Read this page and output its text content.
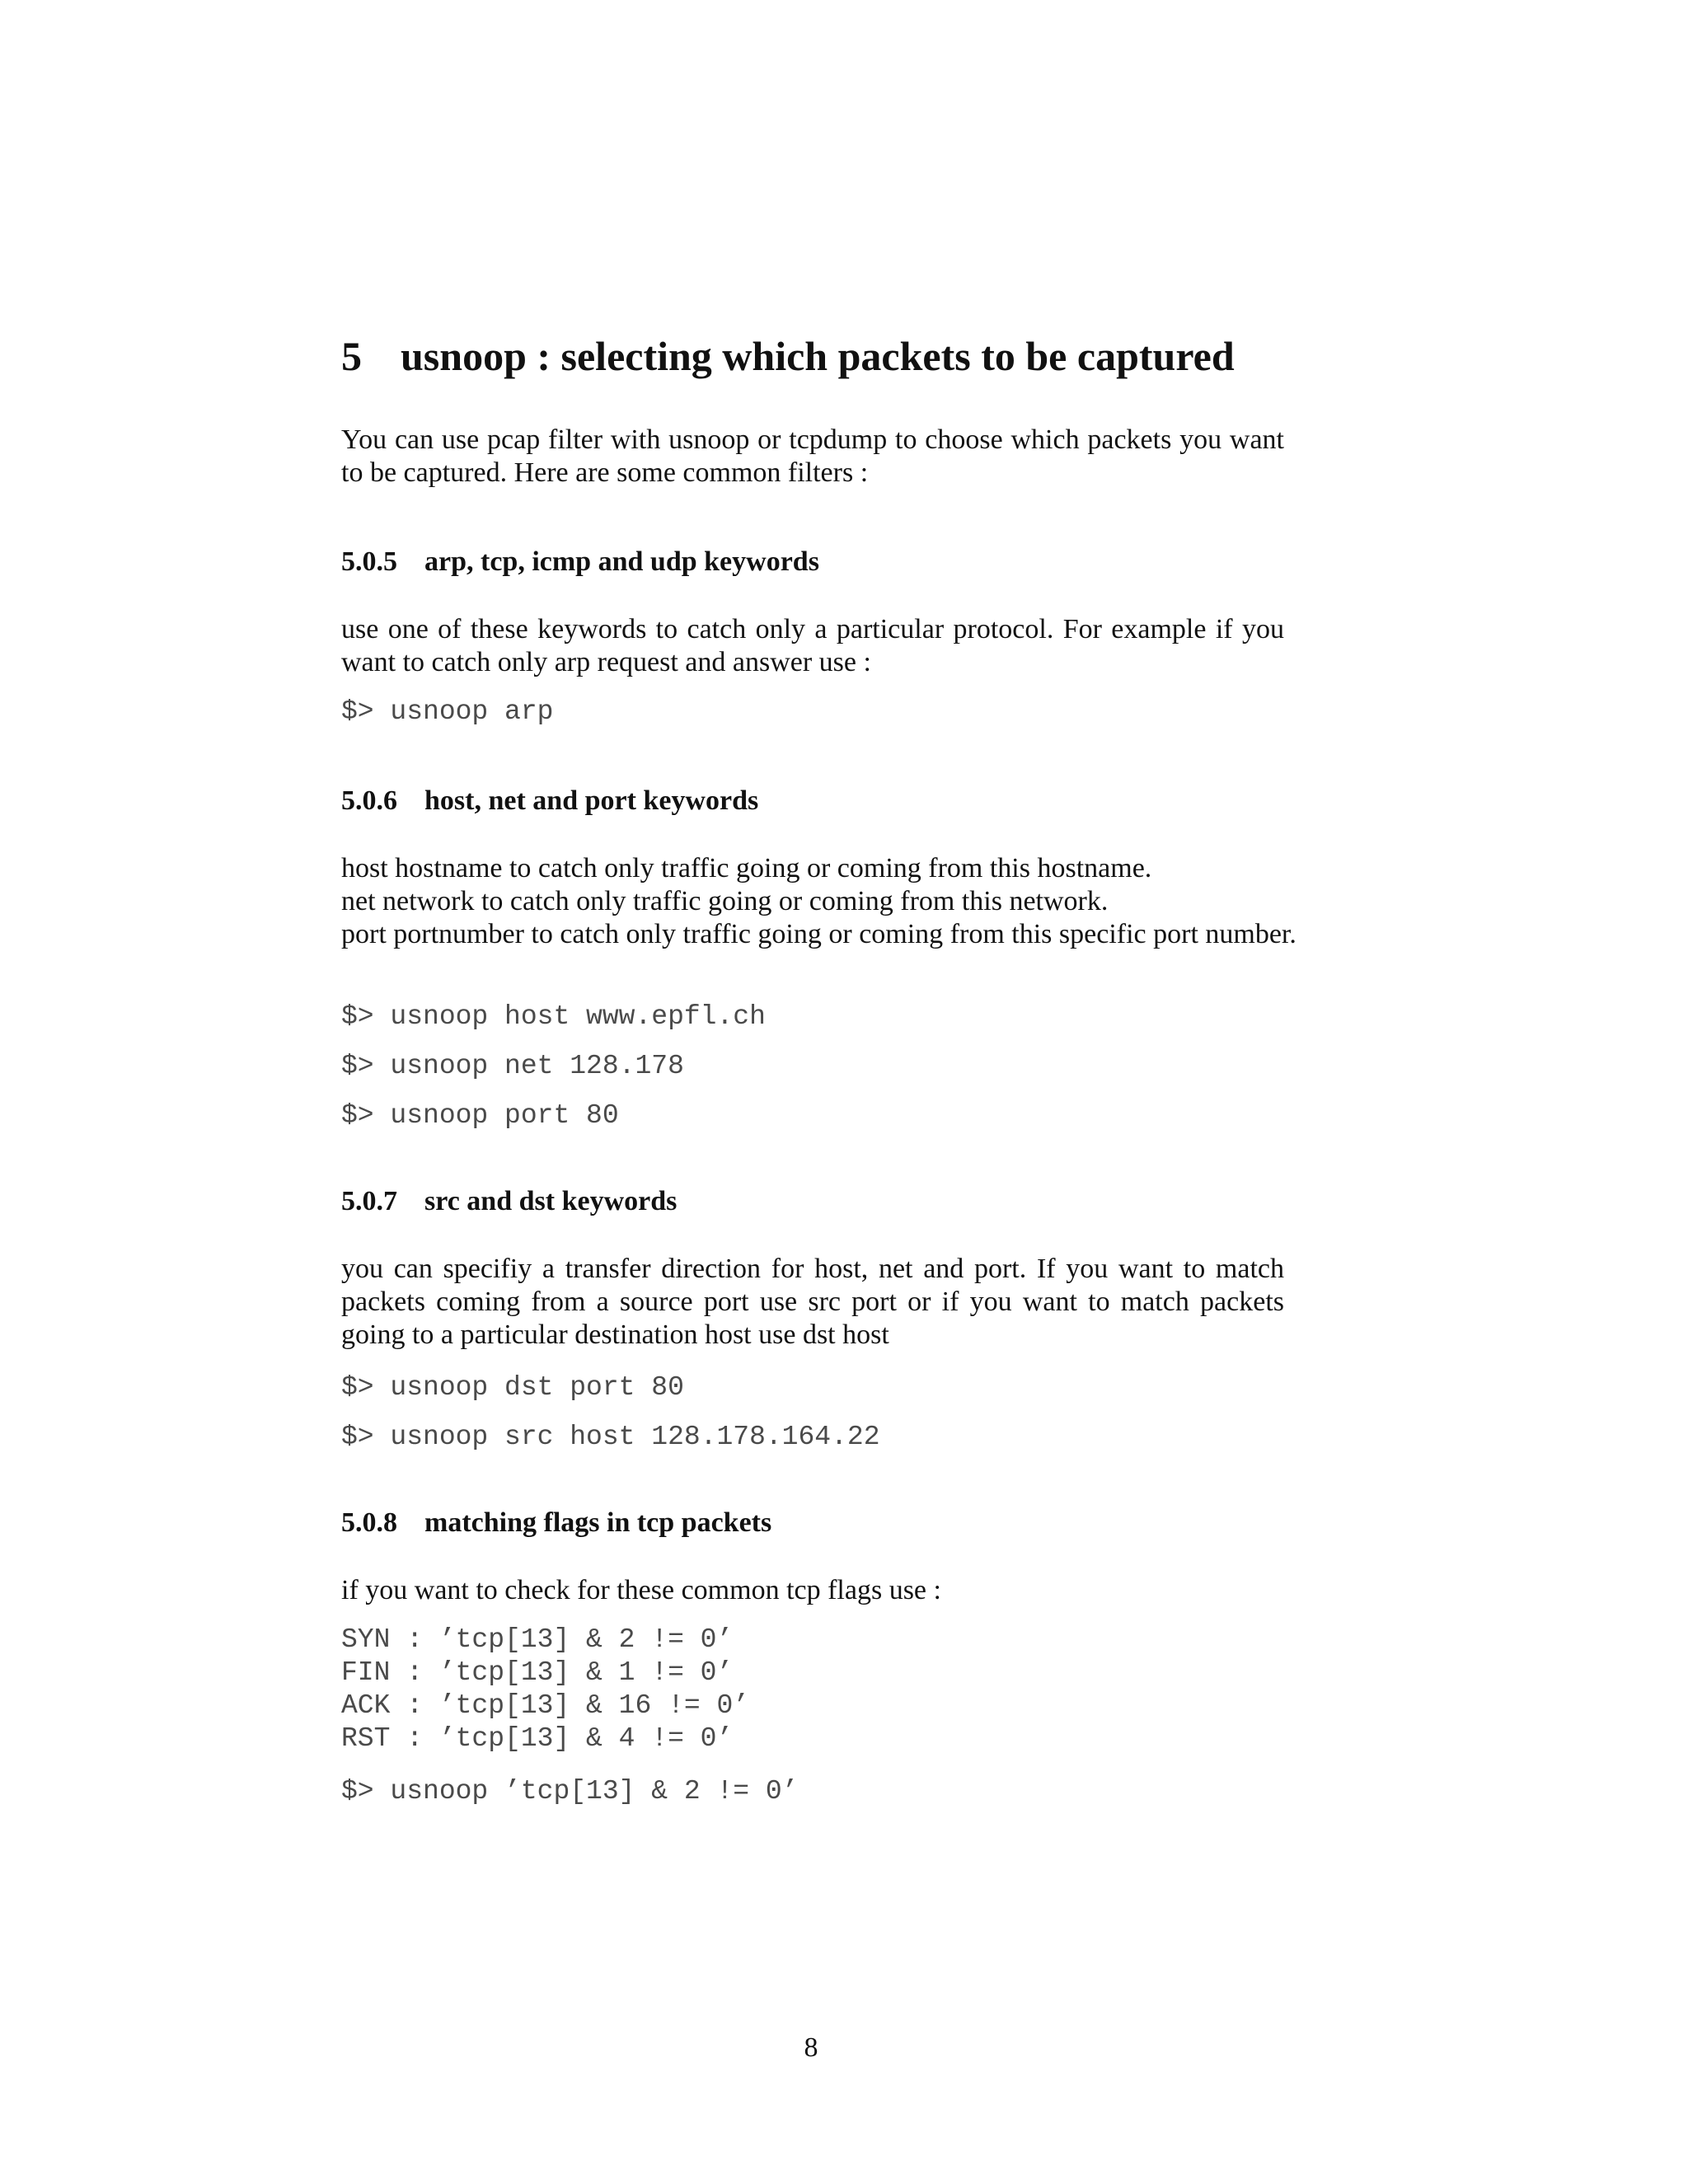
5 usnoop : selecting which packets to be captured

You can use pcap filter with usnoop or tcpdump to choose which packets you want to be captured. Here are some common filters :

5.0.5 arp, tcp, icmp and udp keywords

use one of these keywords to catch only a particular protocol. For example if you want to catch only arp request and answer use :

$> usnoop arp
5.0.6 host, net and port keywords
host hostname to catch only traffic going or coming from this hostname.
net network to catch only traffic going or coming from this network.
port portnumber to catch only traffic going or coming from this specific port number.
$> usnoop host www.epfl.ch
$> usnoop net 128.178
$> usnoop port 80
5.0.7 src and dst keywords

you can specifiy a transfer direction for host, net and port. If you want to match packets coming from a source port use src port or if you want to match packets going to a particular destination host use dst host

$> usnoop dst port 80
$> usnoop src host 128.178.164.22
5.0.8 matching flags in tcp packets

if you want to check for these common tcp flags use :

SYN : ’tcp[13] & 2 != 0’
FIN : ’tcp[13] & 1 != 0’
ACK : ’tcp[13] & 16 != 0’
RST : ’tcp[13] & 4 != 0’
$> usnoop ’tcp[13] & 2 != 0’

8
